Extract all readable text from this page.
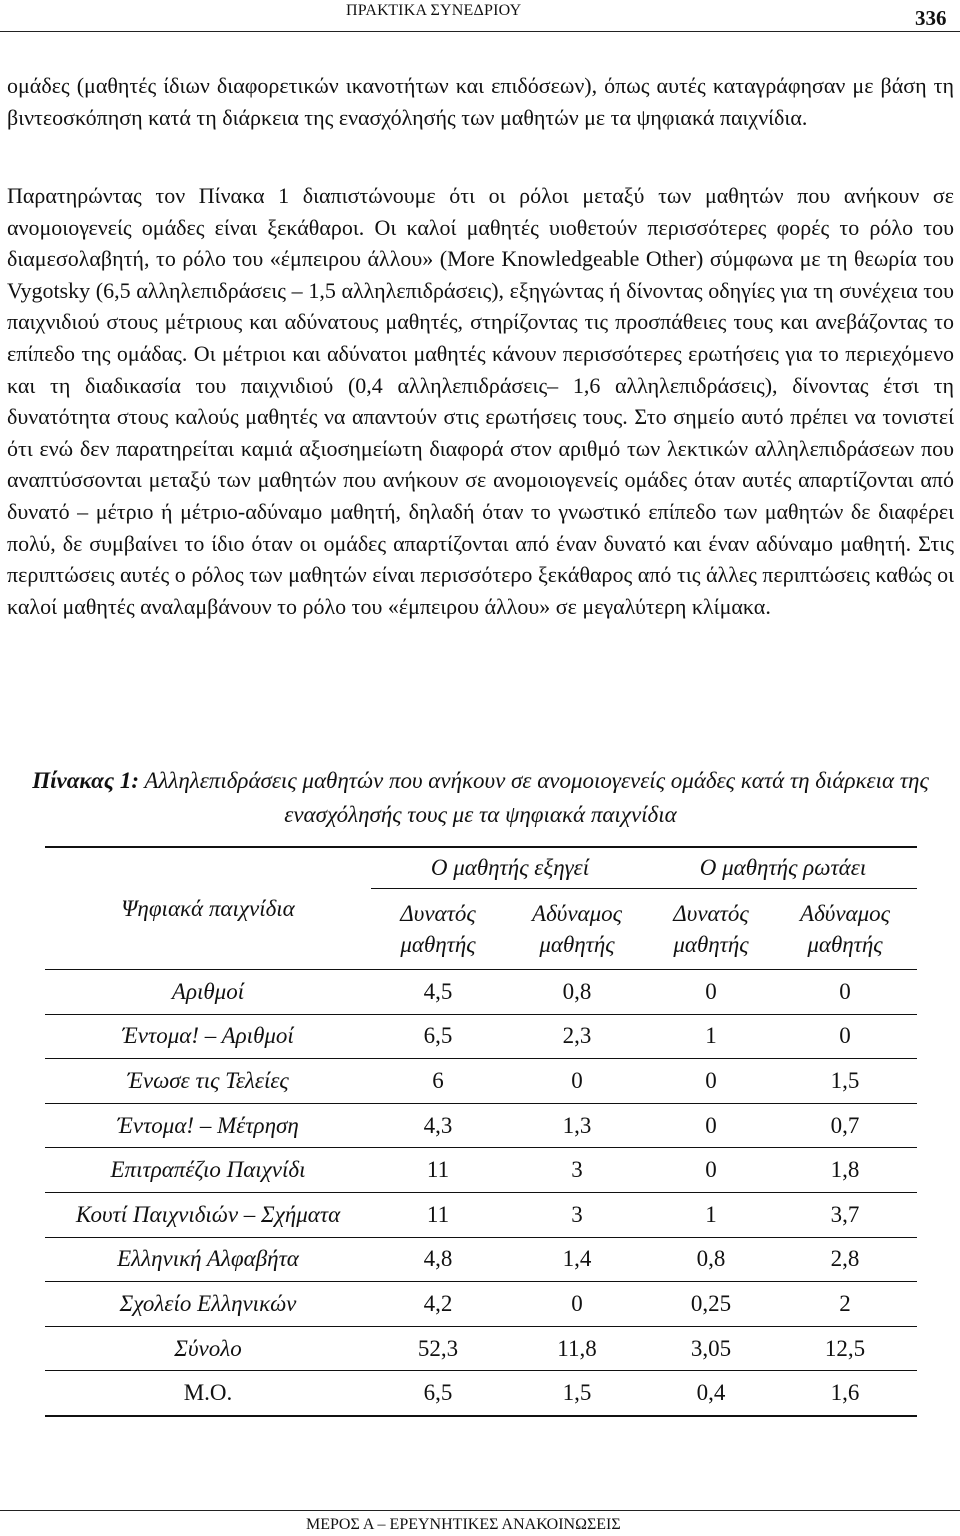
ΠΡΑΚΤΙΚΑ ΣΥΝΕΔΡΙΟΥ	336

ομάδες (μαθητές ίδιων διαφορετικών ικανοτήτων και επιδόσεων), όπως αυτές καταγράφησαν με βάση τη βιντεοσκόπηση κατά τη διάρκεια της ενασχόλησής των μαθητών με τα ψηφιακά παιχνίδια.

Παρατηρώντας τον Πίνακα 1 διαπιστώνουμε ότι οι ρόλοι μεταξύ των μαθητών που ανήκουν σε ανομοιογενείς ομάδες είναι ξεκάθαροι. Οι καλοί μαθητές υιοθετούν περισσότερες φορές το ρόλο του διαμεσολαβητή, το ρόλο του «έμπειρου άλλου» (More Knowledgeable Other) σύμφωνα με τη θεωρία του Vygotsky (6,5 αλληλεπιδράσεις – 1,5 αλληλεπιδράσεις), εξηγώντας ή δίνοντας οδηγίες για τη συνέχεια του παιχνιδιού στους μέτριους και αδύνατους μαθητές, στηρίζοντας τις προσπάθειες τους και ανεβάζοντας το επίπεδο της ομάδας. Οι μέτριοι και αδύνατοι μαθητές κάνουν περισσότερες ερωτήσεις για το περιεχόμενο και τη διαδικασία του παιχνιδιού (0,4 αλληλεπιδράσεις– 1,6 αλληλεπιδράσεις), δίνοντας έτσι τη δυνατότητα στους καλούς μαθητές να απαντούν στις ερωτήσεις τους. Στο σημείο αυτό πρέπει να τονιστεί ότι ενώ δεν παρατηρείται καμιά αξιοσημείωτη διαφορά στον αριθμό των λεκτικών αλληλεπιδράσεων που αναπτύσσονται μεταξύ των μαθητών που ανήκουν σε ανομοιογενείς ομάδες όταν αυτές απαρτίζονται από δυνατό – μέτριο ή μέτριο-αδύναμο μαθητή, δηλαδή όταν το γνωστικό επίπεδο των μαθητών δε διαφέρει πολύ, δε συμβαίνει το ίδιο όταν οι ομάδες απαρτίζονται από έναν δυνατό και έναν αδύναμο μαθητή. Στις περιπτώσεις αυτές ο ρόλος των μαθητών είναι περισσότερο ξεκάθαρος από τις άλλες περιπτώσεις καθώς οι καλοί μαθητές αναλαμβάνουν το ρόλο του «έμπειρου άλλου» σε μεγαλύτερη κλίμακα.

Πίνακας 1: Αλληλεπιδράσεις μαθητών που ανήκουν σε ανομοιογενείς ομάδες κατά τη διάρκεια της ενασχόλησής τους με τα ψηφιακά παιχνίδια

Ψηφιακά παιχνίδια	Ο μαθητής εξηγεί		Ο μαθητής ρωτάει	
	Δυνατός μαθητής	Αδύναμος μαθητής	Δυνατός μαθητής	Αδύναμος μαθητής
Αριθμοί	4,5	0,8	0	0
Έντομα! – Αριθμοί	6,5	2,3	1	0
Ένωσε τις Τελείες	6	0	0	1,5
Έντομα! – Μέτρηση	4,3	1,3	0	0,7
Επιτραπέζιο Παιχνίδι	11	3	0	1,8
Κουτί Παιχνιδιών – Σχήματα	11	3	1	3,7
Ελληνική Αλφαβήτα	4,8	1,4	0,8	2,8
Σχολείο Ελληνικών	4,2	0	0,25	2
Σύνολο	52,3	11,8	3,05	12,5
Μ.Ο.	6,5	1,5	0,4	1,6
ΜΕΡΟΣ Α – ΕΡΕΥΝΗΤΙΚΕΣ ΑΝΑΚΟΙΝΩΣΕΙΣ
